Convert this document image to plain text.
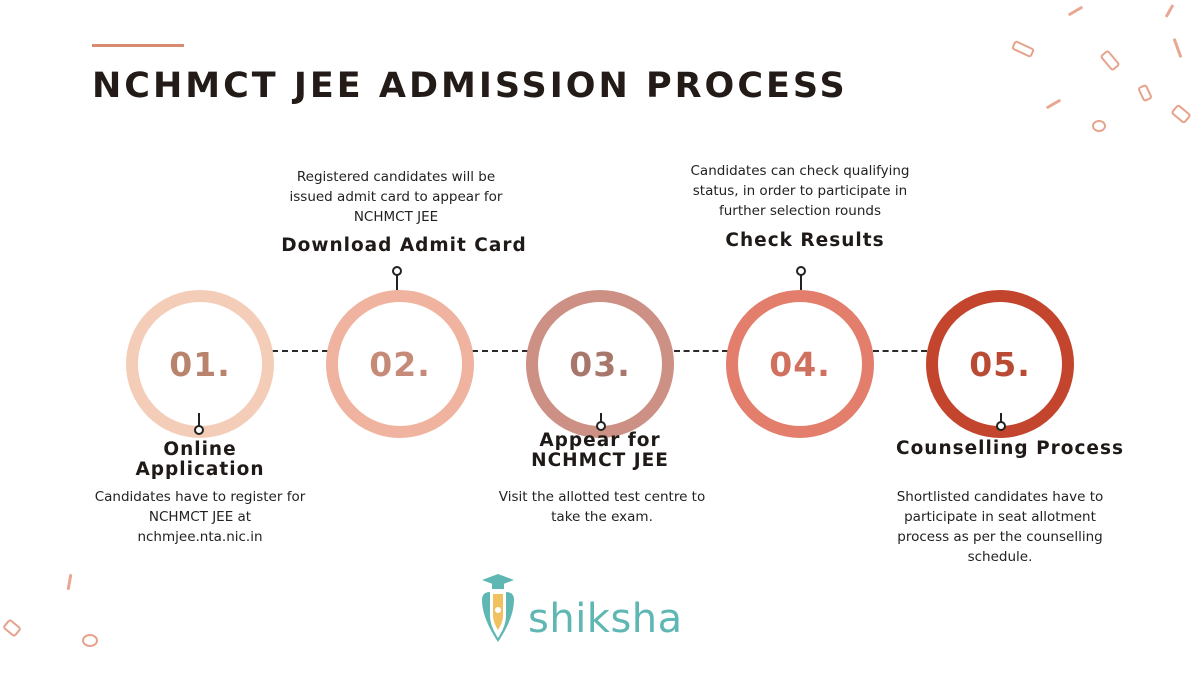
NCHMCT JEE ADMISSION PROCESS
01.
Online
Application
Candidates have to register for
NCHMCT JEE at
nchmjee.nta.nic.in
Registered candidates will be
issued admit card to appear for
NCHMCT JEE
Download Admit Card
02.	03.
Appear for
NCHMCT JEE
Visit the allotted test centre to
take the exam.
Candidates can check qualifying
status, in order to participate in
further selection rounds
Check Results
04.	05.
Counselling Process
Shortlisted candidates have to
participate in seat allotment
process as per the counselling
schedule.
shiksha
